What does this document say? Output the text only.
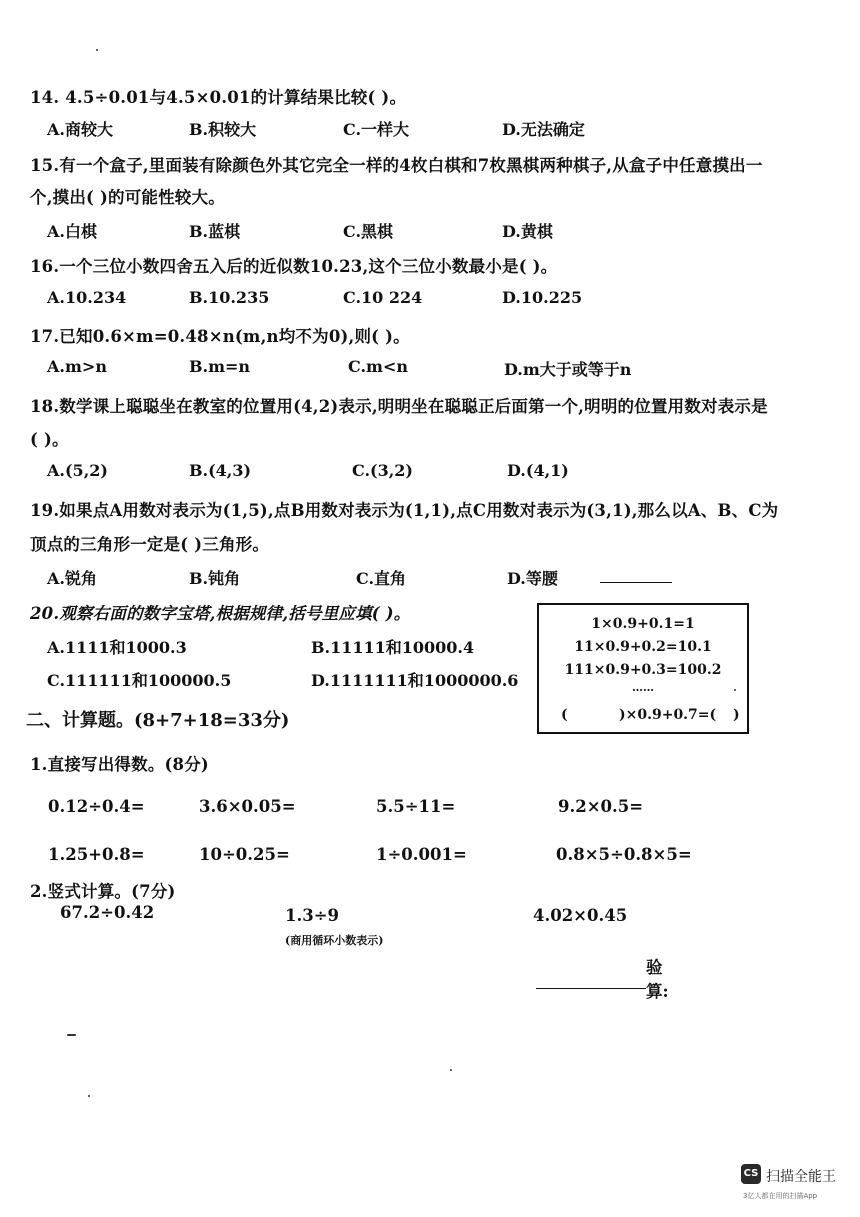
14. 4.5÷0.01与4.5×0.01的计算结果比较( )。
A.商较大	B.积较大	C.一样大	D.无法确定
15.有一个盒子,里面装有除颜色外其它完全一样的4枚白棋和7枚黑棋两种棋子,从盒子中任意摸出一
个,摸出( )的可能性较大。
A.白棋	B.蓝棋	C.黑棋	D.黄棋
16.一个三位小数四舍五入后的近似数10.23,这个三位小数最小是( )。
A.10.234	B.10.235	C.10 224	D.10.225
17.已知0.6×m=0.48×n(m,n均不为0),则( )。
A.m>n	B.m=n	C.m<n	D.m大于或等于n
18.数学课上聪聪坐在教室的位置用(4,2)表示,明明坐在聪聪正后面第一个,明明的位置用数对表示是
( )。
A.(5,2)	B.(4,3)	C.(3,2)	D.(4,1)
19.如果点A用数对表示为(1,5),点B用数对表示为(1,1),点C用数对表示为(3,1),那么以A、B、C为
顶点的三角形一定是( )三角形。
A.锐角	B.钝角	C.直角	D.等腰
20.观察右面的数字宝塔,根据规律,括号里应填( )。
A.1111和1000.3	B.11111和10000.4
C.111111和100000.5	D.1111111和1000000.6
1×0.9+0.1=1
11×0.9+0.2=10.1
111×0.9+0.3=100.2
……
(	)×0.9+0.7=( )
二、计算题。(8+7+18=33分)
1.直接写出得数。(8分)
0.12÷0.4=	3.6×0.05=	5.5÷11=	9.2×0.5=
1.25+0.8=	10÷0.25=	1÷0.001=	0.8×5÷0.8×5=
2.竖式计算。(7分)
67.2÷0.42	1.3÷9
(商用循环小数表示)
4.02×0.45
验
算:
CS 扫描全能王
3亿人都在用的扫描App
